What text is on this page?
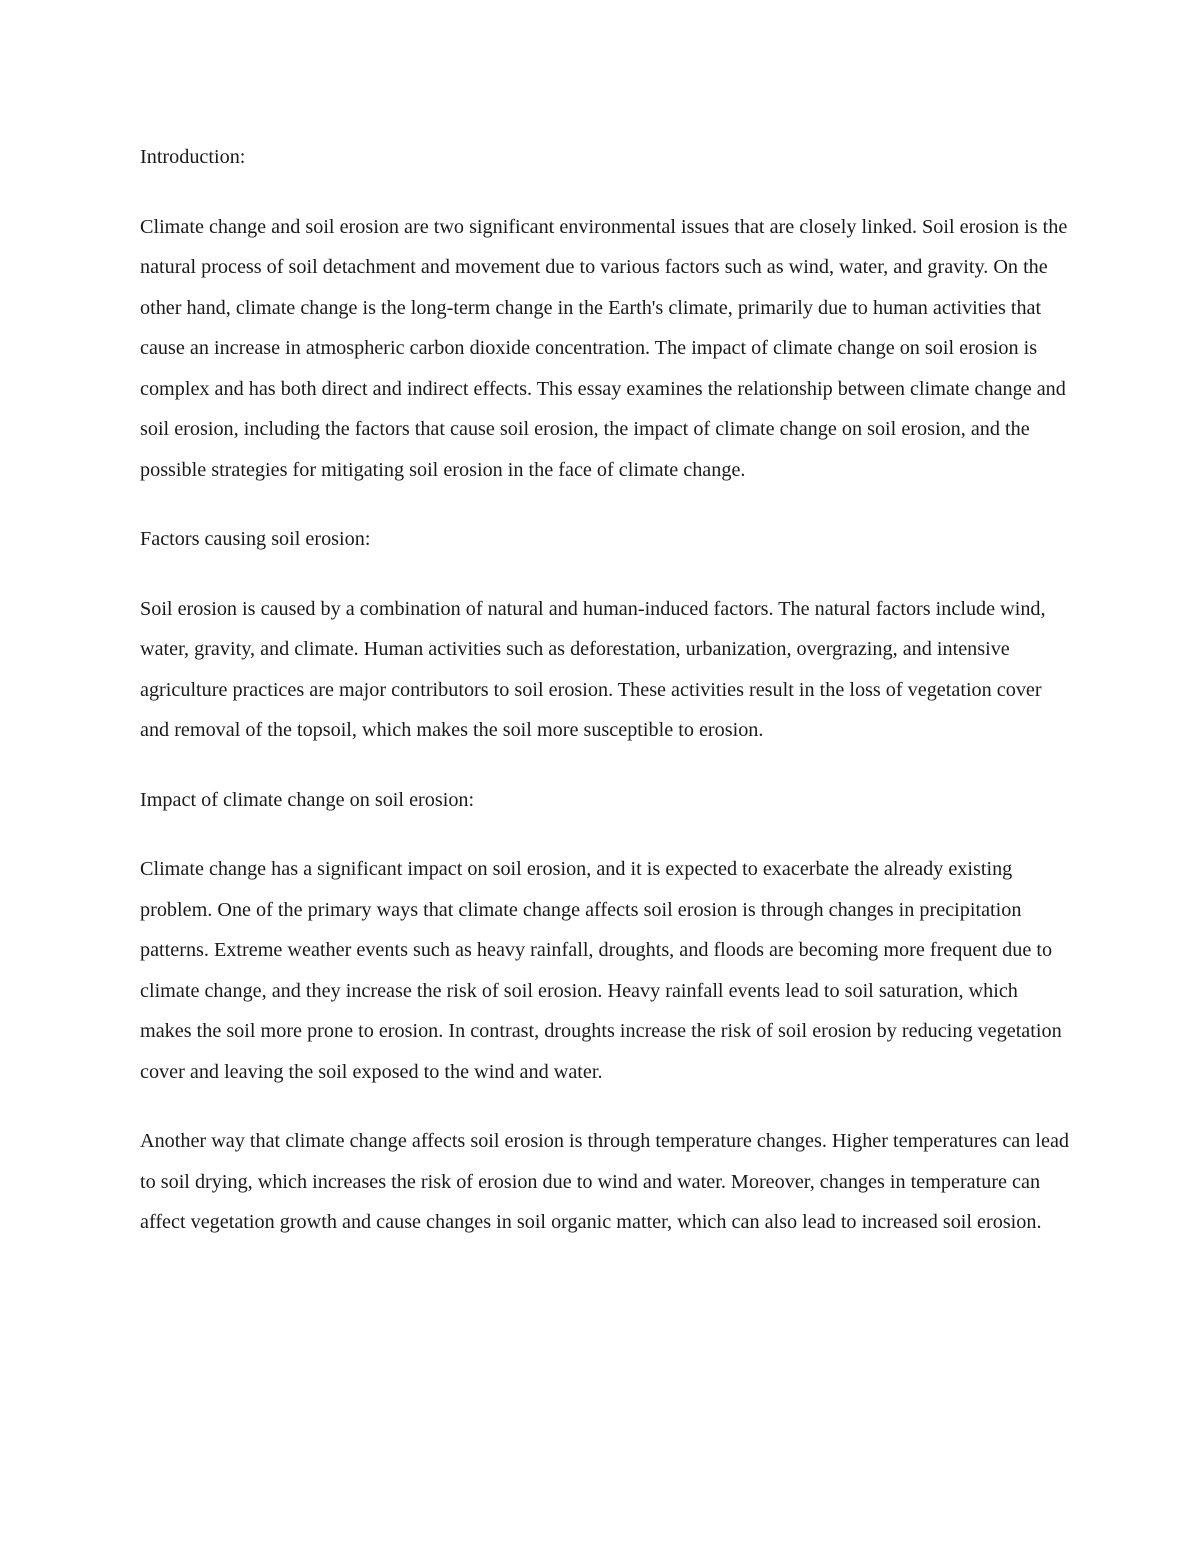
Introduction:

Climate change and soil erosion are two significant environmental issues that are closely linked. Soil erosion is the natural process of soil detachment and movement due to various factors such as wind, water, and gravity. On the other hand, climate change is the long-term change in the Earth's climate, primarily due to human activities that cause an increase in atmospheric carbon dioxide concentration. The impact of climate change on soil erosion is complex and has both direct and indirect effects. This essay examines the relationship between climate change and soil erosion, including the factors that cause soil erosion, the impact of climate change on soil erosion, and the possible strategies for mitigating soil erosion in the face of climate change.

Factors causing soil erosion:

Soil erosion is caused by a combination of natural and human-induced factors. The natural factors include wind, water, gravity, and climate. Human activities such as deforestation, urbanization, overgrazing, and intensive agriculture practices are major contributors to soil erosion. These activities result in the loss of vegetation cover and removal of the topsoil, which makes the soil more susceptible to erosion.

Impact of climate change on soil erosion:

Climate change has a significant impact on soil erosion, and it is expected to exacerbate the already existing problem. One of the primary ways that climate change affects soil erosion is through changes in precipitation patterns. Extreme weather events such as heavy rainfall, droughts, and floods are becoming more frequent due to climate change, and they increase the risk of soil erosion. Heavy rainfall events lead to soil saturation, which makes the soil more prone to erosion. In contrast, droughts increase the risk of soil erosion by reducing vegetation cover and leaving the soil exposed to the wind and water.

Another way that climate change affects soil erosion is through temperature changes. Higher temperatures can lead to soil drying, which increases the risk of erosion due to wind and water. Moreover, changes in temperature can affect vegetation growth and cause changes in soil organic matter, which can also lead to increased soil erosion.
